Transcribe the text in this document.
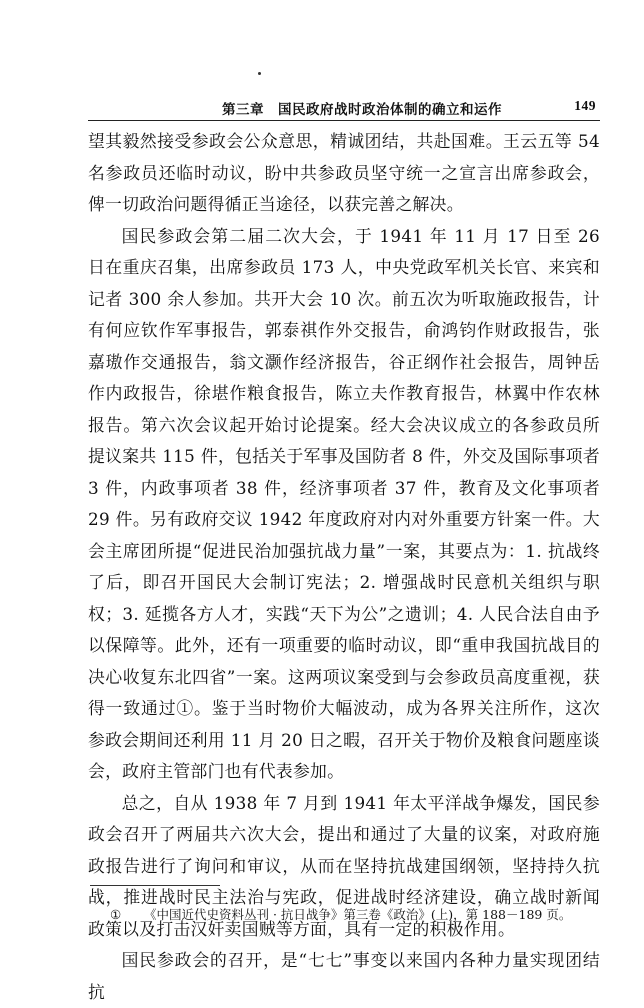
第三章　国民政府战时政治体制的确立和运作	149

望其毅然接受参政会公众意思，精诚团结，共赴国难。王云五等 54 名参政员还临时动议，盼中共参政员坚守统一之宣言出席参政会，俾一切政治问题得循正当途径，以获完善之解决。

国民参政会第二届二次大会，于 1941 年 11 月 17 日至 26 日在重庆召集，出席参政员 173 人，中央党政军机关长官、来宾和记者 300 余人参加。共开大会 10 次。前五次为听取施政报告，计有何应钦作军事报告，郭泰祺作外交报告，俞鸿钧作财政报告，张嘉璈作交通报告，翁文灏作经济报告，谷正纲作社会报告，周钟岳作内政报告，徐堪作粮食报告，陈立夫作教育报告，林翼中作农林报告。第六次会议起开始讨论提案。经大会决议成立的各参政员所提议案共 115 件，包括关于军事及国防者 8 件，外交及国际事项者 3 件，内政事项者 38 件，经济事项者 37 件，教育及文化事项者 29 件。另有政府交议 1942 年度政府对内对外重要方针案一件。大会主席团所提“促进民治加强抗战力量”一案，其要点为：1. 抗战终了后，即召开国民大会制订宪法；2. 增强战时民意机关组织与职权；3. 延揽各方人才，实践“天下为公”之遗训；4. 人民合法自由予以保障等。此外，还有一项重要的临时动议，即“重申我国抗战目的决心收复东北四省”一案。这两项议案受到与会参政员高度重视，获得一致通过①。鉴于当时物价大幅波动，成为各界关注所作，这次参政会期间还利用 11 月 20 日之暇，召开关于物价及粮食问题座谈会，政府主管部门也有代表参加。

总之，自从 1938 年 7 月到 1941 年太平洋战争爆发，国民参政会召开了两届共六次大会，提出和通过了大量的议案，对政府施政报告进行了询问和审议，从而在坚持抗战建国纲领，坚持持久抗战，推进战时民主法治与宪政，促进战时经济建设，确立战时新闻政策以及打击汉奸卖国贼等方面，具有一定的积极作用。

国民参政会的召开，是“七七”事变以来国内各种力量实现团结抗

① 《中国近代史资料丛刊 · 抗日战争》第三卷《政治》(上)，第 188－189 页。
